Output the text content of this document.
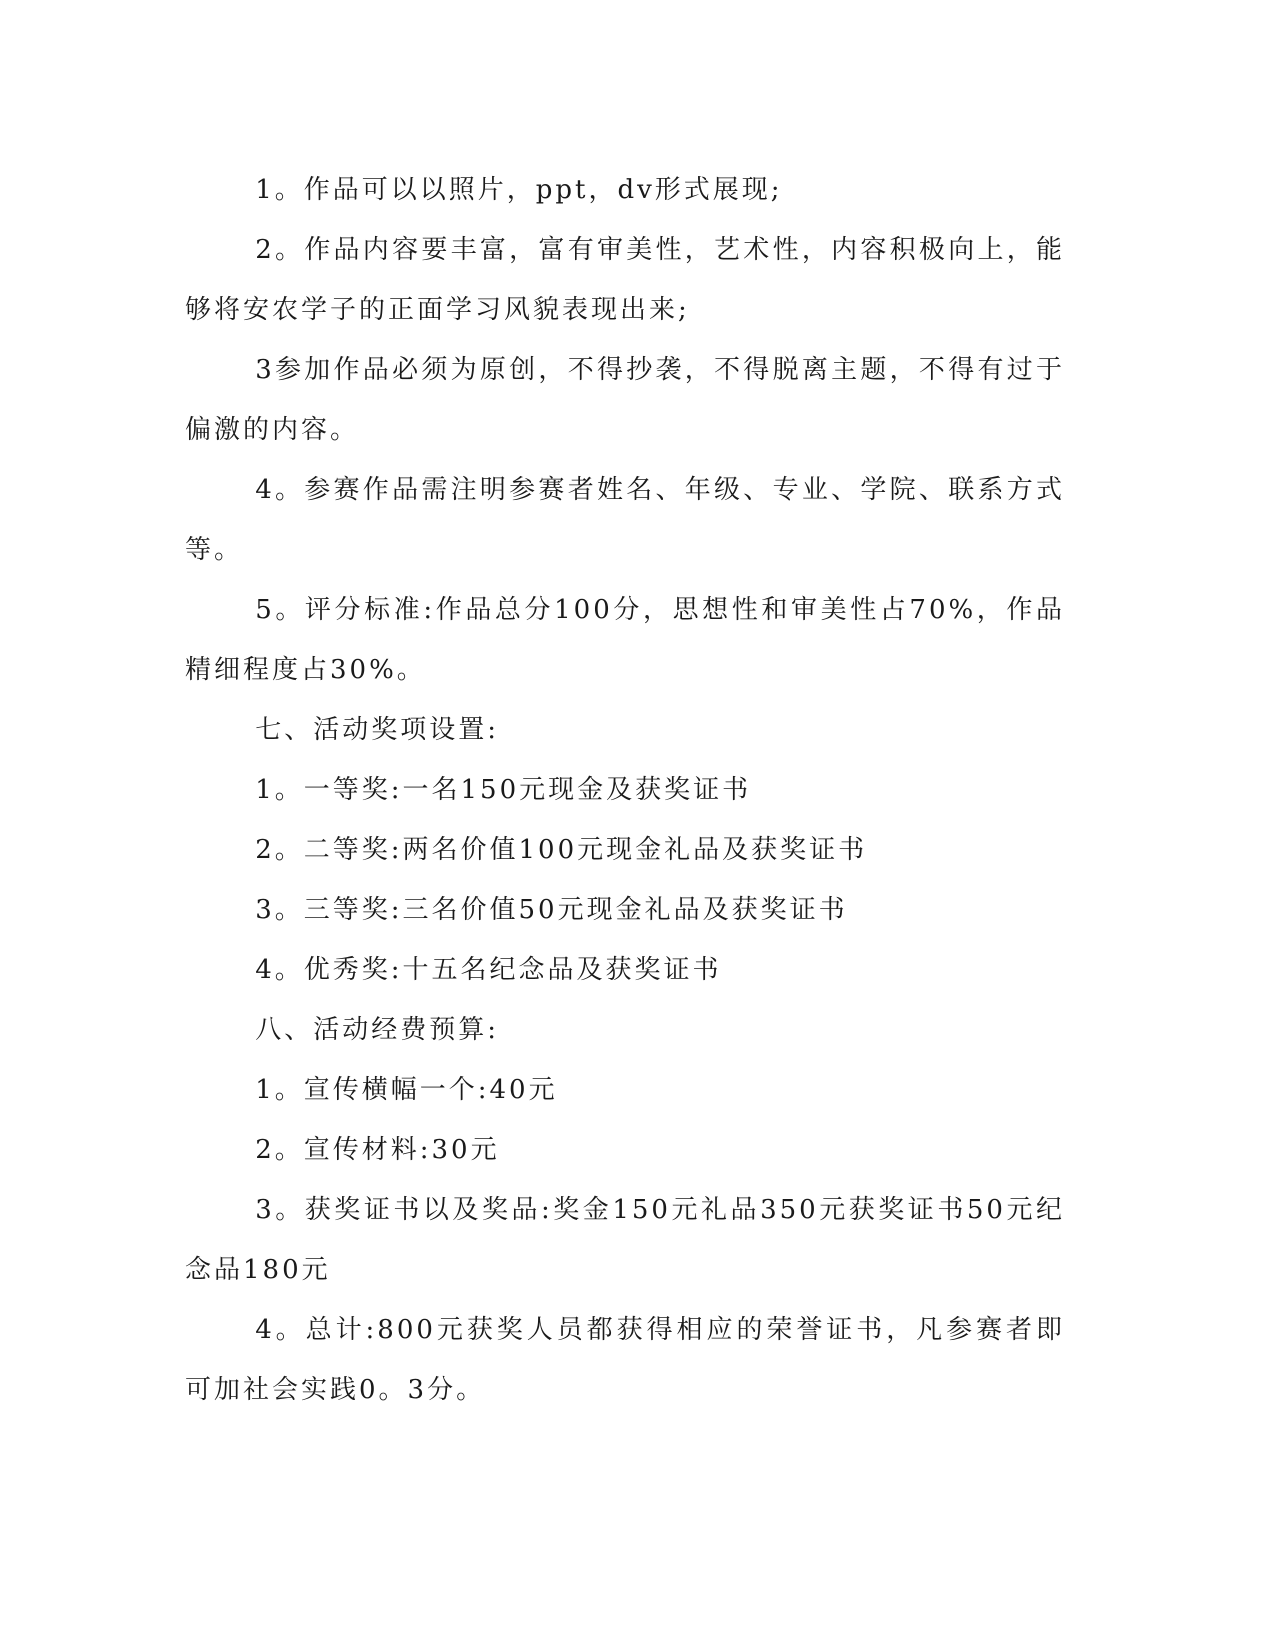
1。作品可以以照片，ppt，dv形式展现;

2。作品内容要丰富，富有审美性，艺术性，内容积极向上，能够将安农学子的正面学习风貌表现出来;

3参加作品必须为原创，不得抄袭，不得脱离主题，不得有过于偏激的内容。

4。参赛作品需注明参赛者姓名、年级、专业、学院、联系方式等。

5。评分标准:作品总分100分，思想性和审美性占70%，作品精细程度占30%。

七、活动奖项设置:

1。一等奖:一名150元现金及获奖证书

2。二等奖:两名价值100元现金礼品及获奖证书

3。三等奖:三名价值50元现金礼品及获奖证书

4。优秀奖:十五名纪念品及获奖证书

八、活动经费预算:

1。宣传横幅一个:40元

2。宣传材料:30元

3。获奖证书以及奖品:奖金150元礼品350元获奖证书50元纪念品180元

4。总计:800元获奖人员都获得相应的荣誉证书，凡参赛者即可加社会实践0。3分。
